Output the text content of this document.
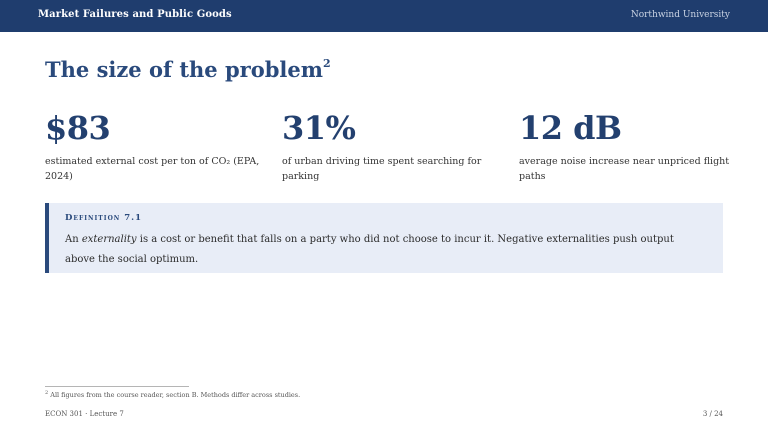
Market Failures and Public Goods	Northwind University
The size of the problem$^2$
$83
estimated external cost per ton of CO₂ (EPA, 2024)
31%
of urban driving time spent searching for parking
12 dB
average noise increase near unpriced flight paths
Definition 7.1
An externality is a cost or benefit that falls on a party who did not choose to incur it. Negative externalities push output above the social optimum.
$^2$ All figures from the course reader, section B. Methods differ across studies.
ECON 301 · Lecture 7	3 / 24
